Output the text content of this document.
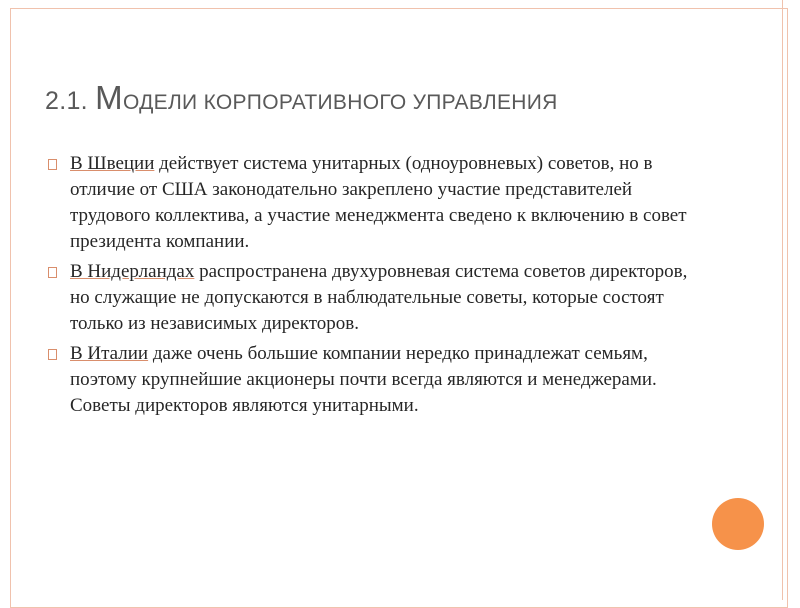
2.1. МОДЕЛИ КОРПОРАТИВНОГО УПРАВЛЕНИЯ
В Швеции действует система унитарных (одноуровневых) советов, но в отличие от США законодательно закреплено участие представителей трудового коллектива, а участие менеджмента сведено к включению в совет президента компании.
В Нидерландах распространена двухуровневая система советов директоров, но служащие не допускаются в наблюдательные советы, которые состоят только из независимых директоров.
В Италии даже очень большие компании нередко принадлежат семьям, поэтому крупнейшие акционеры почти всегда являются и менеджерами. Советы директоров являются унитарными.
